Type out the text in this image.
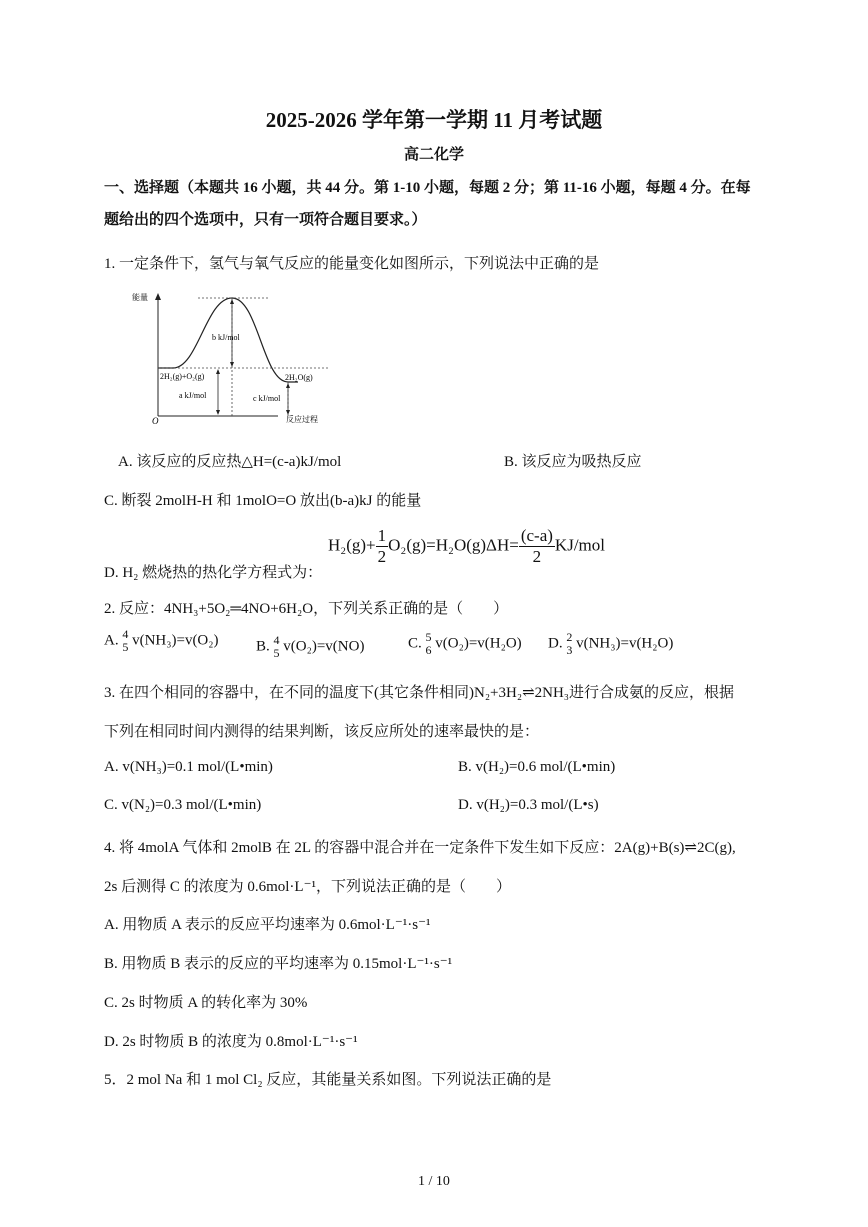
2025-2026 学年第一学期 11 月考试题
高二化学
一、选择题（本题共 16 小题，共 44 分。第 1-10 小题，每题 2 分；第 11-16 小题，每题 4 分。在每
题给出的四个选项中，只有一项符合题目要求。）
1. 一定条件下，氢气与氧气反应的能量变化如图所示，下列说法中正确的是
能量
反应过程
O
b kJ/mol
a kJ/mol	c kJ/mol
2H₂(g)+O₂(g)	2H₂O(g)
A. 该反应的反应热△H=(c-a)kJ/mol	B. 该反应为吸热反应
C. 断裂 2molH-H 和 1molO=O 放出(b-a)kJ 的能量
D. H₂ 燃烧热的热化学方程式为：
$H_2(g)+ \frac{1}{2} O_2(g)=H_2O(g)\Delta H= \frac{(c-a)}{2} KJ/mol$
2. 反应：4NH₃+5O₂═4NO+6H₂O，下列关系正确的是（　　）
A. 4
5 v(NH₃)=v(O₂)	B. 4
5 v(O₂)=v(NO)	C. 5
6 v(O₂)=v(H₂O) D. 2
3 v(NH₃)=v(H₂O)
3. 在四个相同的容器中，在不同的温度下(其它条件相同)N₂+3H₂⇌2NH₃进行合成氨的反应，根据
下列在相同时间内测得的结果判断，该反应所处的速率最快的是：
A. v(NH₃)=0.1 mol/(L•min)	B. v(H₂)=0.6 mol/(L•min)
C. v(N₂)=0.3 mol/(L•min)	D. v(H₂)=0.3 mol/(L•s)
4. 将 4molA 气体和 2molB 在 2L 的容器中混合并在一定条件下发生如下反应：2A(g)+B(s)⇌2C(g),
2s 后测得 C 的浓度为 0.6mol·L⁻¹，下列说法正确的是（　　）
A. 用物质 A 表示的反应平均速率为 0.6mol·L⁻¹·s⁻¹
B. 用物质 B 表示的反应的平均速率为 0.15mol·L⁻¹·s⁻¹
C. 2s 时物质 A 的转化率为 30%
D. 2s 时物质 B 的浓度为 0.8mol·L⁻¹·s⁻¹
5．2 mol Na 和 1 mol Cl₂ 反应，其能量关系如图。下列说法正确的是
1 / 10
